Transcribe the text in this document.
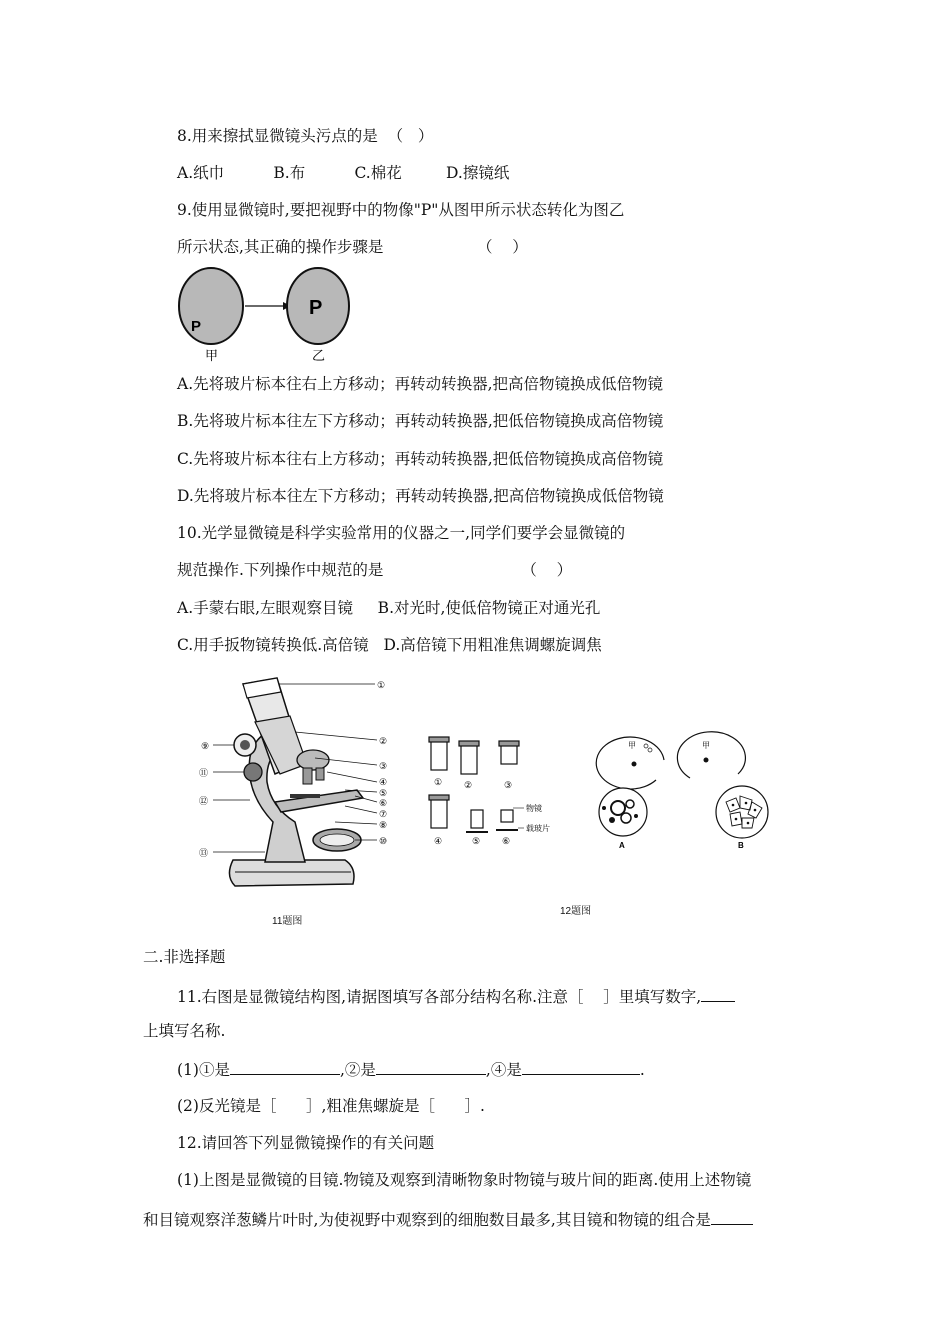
8.用来擦拭显微镜头污点的是  （   ）
A.纸巾          B.布          C.棉花         D.擦镜纸
9.使用显微镜时,要把视野中的物像"P"从图甲所示状态转化为图乙
所示状态,其正确的操作步骤是                   （    ）
P
P
甲	乙
A.先将玻片标本往右上方移动；再转动转换器,把高倍物镜换成低倍物镜
B.先将玻片标本往左下方移动；再转动转换器,把低倍物镜换成高倍物镜
C.先将玻片标本往右上方移动；再转动转换器,把低倍物镜换成高倍物镜
D.先将玻片标本往左下方移动；再转动转换器,把高倍物镜换成低倍物镜
10.光学显微镜是科学实验常用的仪器之一,同学们要学会显微镜的
规范操作.下列操作中规范的是                            （    ）
A.手蒙右眼,左眼观察目镜     B.对光时,使低倍物镜正对通光孔
C.用手扳物镜转换低.高倍镜   D.高倍镜下用粗准焦调螺旋调焦
①
②
③
④
⑤
⑥
⑦
⑧
⑩
⑨
⑪
⑫
⑬
11题图
① ②	③
④	⑤ ⑥
物镜
载玻片
甲	甲
A	B
12题图
二.非选择题
11.右图是显微镜结构图,请据图填写各部分结构名称.注意［    ］里填写数字,
上填写名称.
(1)①是	,②是	,④是	.
(2)反光镜是［      ］,粗准焦螺旋是［      ］.
12.请回答下列显微镜操作的有关问题
(1)上图是显微镜的目镜.物镜及观察到清晰物象时物镜与玻片间的距离.使用上述物镜
和目镜观察洋葱鳞片叶时,为使视野中观察到的细胞数目最多,其目镜和物镜的组合是
